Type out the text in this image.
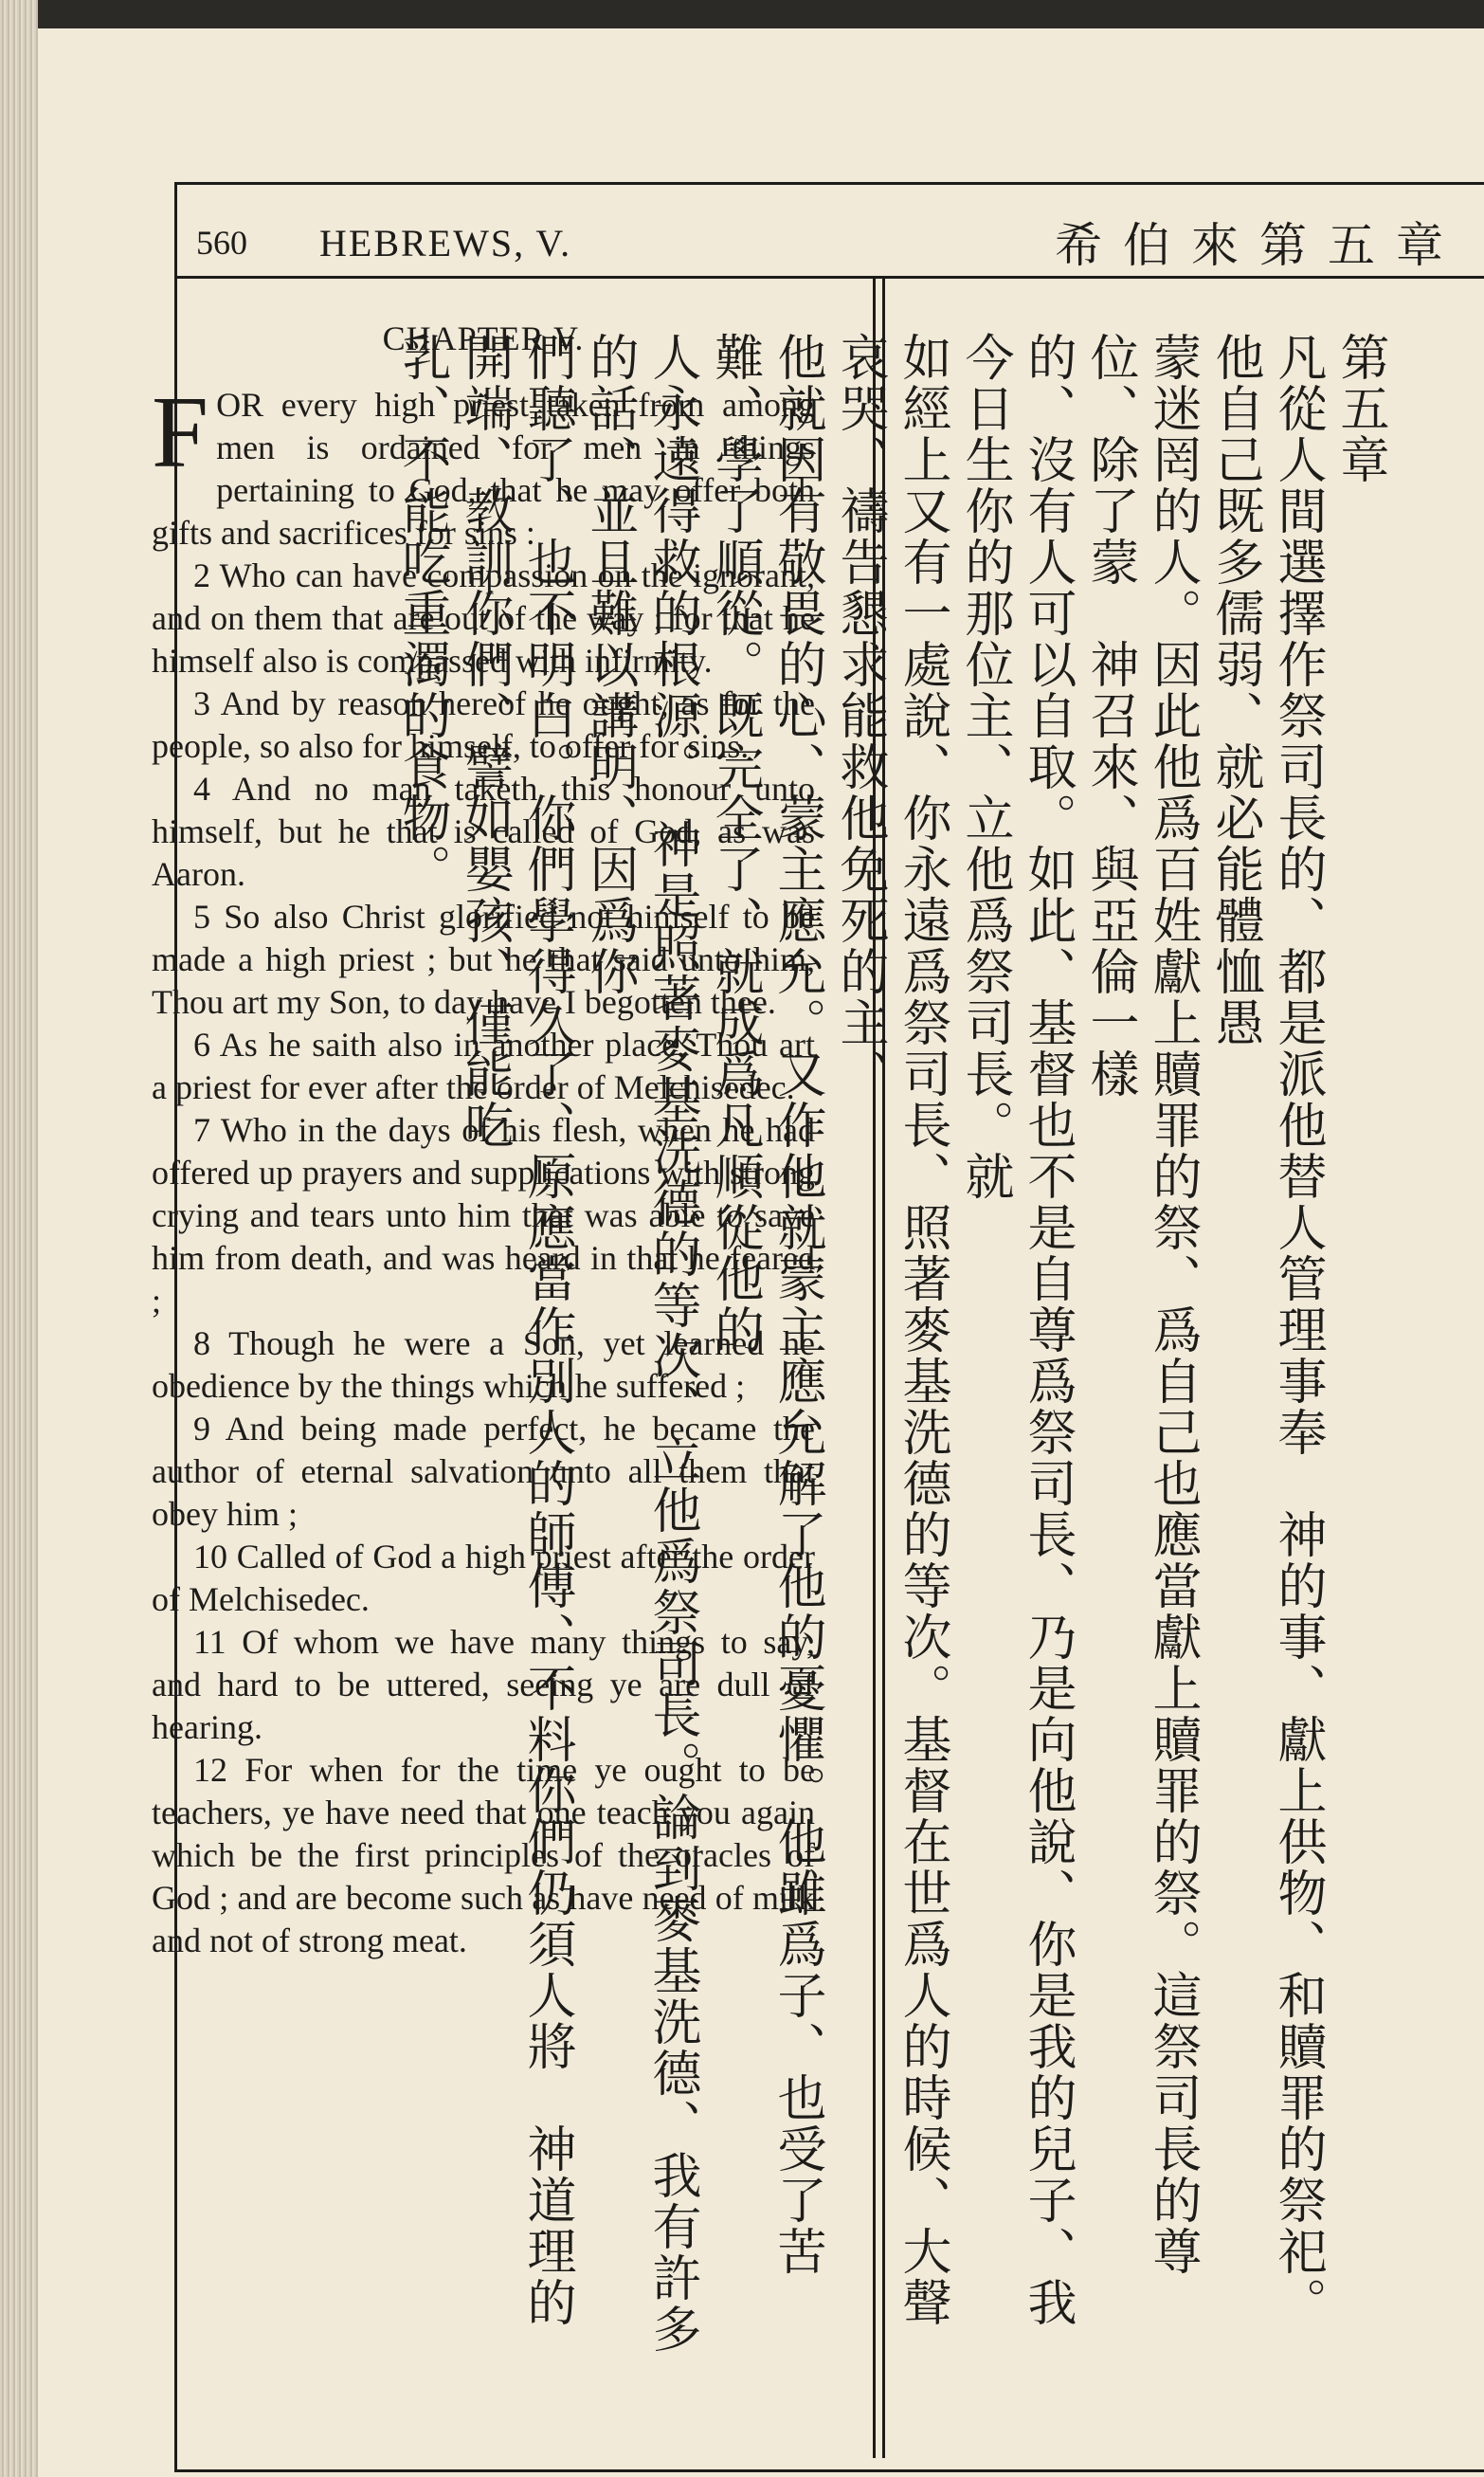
560 HEBREWS, V.	希伯來第五章
CHAPTER V.

F OR every high priest taken from among men is ordained for men in things pertaining to God, that he may offer both gifts and sacrifices for sins :

2 Who can have compassion on the ignorant, and on them that are out of the way ; for that he himself also is compassed with infirmity.

3 And by reason hereof he ought, as for the people, so also for himself, to offer for sins.

4 And no man taketh this honour unto himself, but he that is called of God, as was Aaron.

5 So also Christ glorified not himself to be made a high priest ; but he that said unto him, Thou art my Son, to day have I begotten thee.

6 As he saith also in another place, Thou art a priest for ever after the order of Melchisedec.

7 Who in the days of his flesh, when he had offered up prayers and supplications with strong crying and tears unto him that was able to save him from death, and was heard in that he feared ;

8 Though he were a Son, yet learned he obedience by the things which he suffered ;

9 And being made perfect, he became the author of eternal salvation unto all them that obey him ;

10 Called of God a high priest after the order of Melchisedec.

11 Of whom we have many things to say, and hard to be uttered, seeing ye are dull of hearing.

12 For when for the time ye ought to be teachers, ye have need that one teach you again which be the first principles of the oracles of God ; and are become such as have need of milk and not of strong meat.

第五章

凡從人間選擇作祭司長的、都是派他替人管理事奉　神的事、獻上供物、和贖罪的祭祀。他自己既多儒弱、就必能體恤愚

蒙迷罔的人。因此他爲百姓獻上贖罪的祭、爲自己也應當獻上贖罪的祭。這祭司長的尊位、除了蒙　神召來、與亞倫一樣

的、沒有人可以自取。如此、基督也不是自尊爲祭司長、乃是向他說、你是我的兒子、我今日生你的那位主、立他爲祭司長。就

如經上又有一處說、你永遠爲祭司長、照著麥基洗德的等次。基督在世爲人的時候、大聲哀哭、禱告懇求能救他免死的主、

他就因有敬畏的心、蒙主應允。又作他就蒙主應允解了他的憂懼。他雖爲子、也受了苦難、學了順從。既完全了、就成爲凡順從他的

人永遠得救的根源。　神是照著麥基洗德的等次、立他爲祭司長。論到麥基洗德、我有許多的話、並且難以講明、因爲你

們聽了、也不明白。你們學得久了、原應當作別人的師傅、不料你們仍須人將　神道理的開端、教訓你們、譬如嬰孩、僅能吃

乳、不能吃重濁的食物。
